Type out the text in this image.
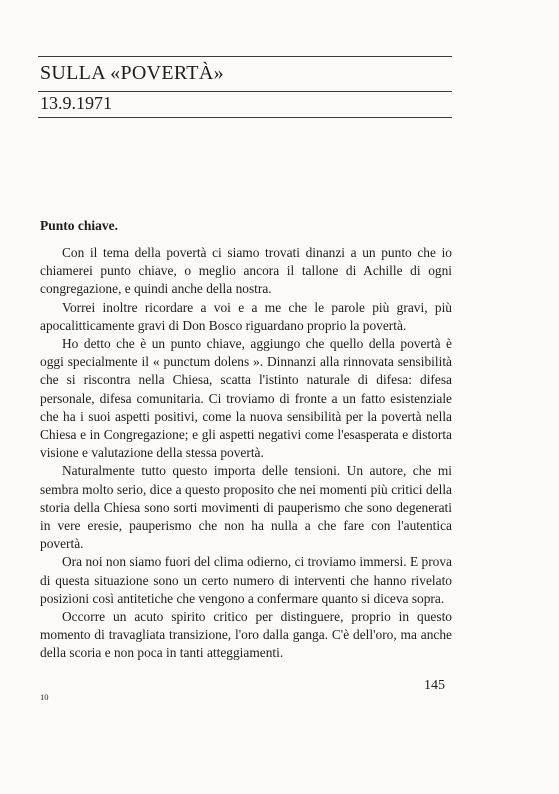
SULLA «POVERTÀ»
13.9.1971
Punto chiave.

Con il tema della povertà ci siamo trovati dinanzi a un punto che io chiamerei punto chiave, o meglio ancora il tallone di Achille di ogni congregazione, e quindi anche della nostra.

Vorrei inoltre ricordare a voi e a me che le parole più gravi, più apocalitticamente gravi di Don Bosco riguardano proprio la povertà.

Ho detto che è un punto chiave, aggiungo che quello della povertà è oggi specialmente il « punctum dolens ». Dinnanzi alla rinnovata sensibilità che si riscontra nella Chiesa, scatta l'istinto naturale di difesa: difesa personale, difesa comunitaria. Ci troviamo di fronte a un fatto esistenziale che ha i suoi aspetti positivi, come la nuova sensibilità per la povertà nella Chiesa e in Congregazione; e gli aspetti negativi come l'esasperata e distorta visione e valutazione della stessa povertà.

Naturalmente tutto questo importa delle tensioni. Un autore, che mi sembra molto serio, dice a questo proposito che nei momenti più critici della storia della Chiesa sono sorti movimenti di pauperismo che sono degenerati in vere eresie, pauperismo che non ha nulla a che fare con l'autentica povertà.

Ora noi non siamo fuori del clima odierno, ci troviamo immersi. E prova di questa situazione sono un certo numero di interventi che hanno rivelato posizioni così antitetiche che vengono a confermare quanto si diceva sopra.

Occorre un acuto spirito critico per distinguere, proprio in questo momento di travagliata transizione, l'oro dalla ganga. C'è dell'oro, ma anche della scoria e non poca in tanti atteggiamenti.

145
10
